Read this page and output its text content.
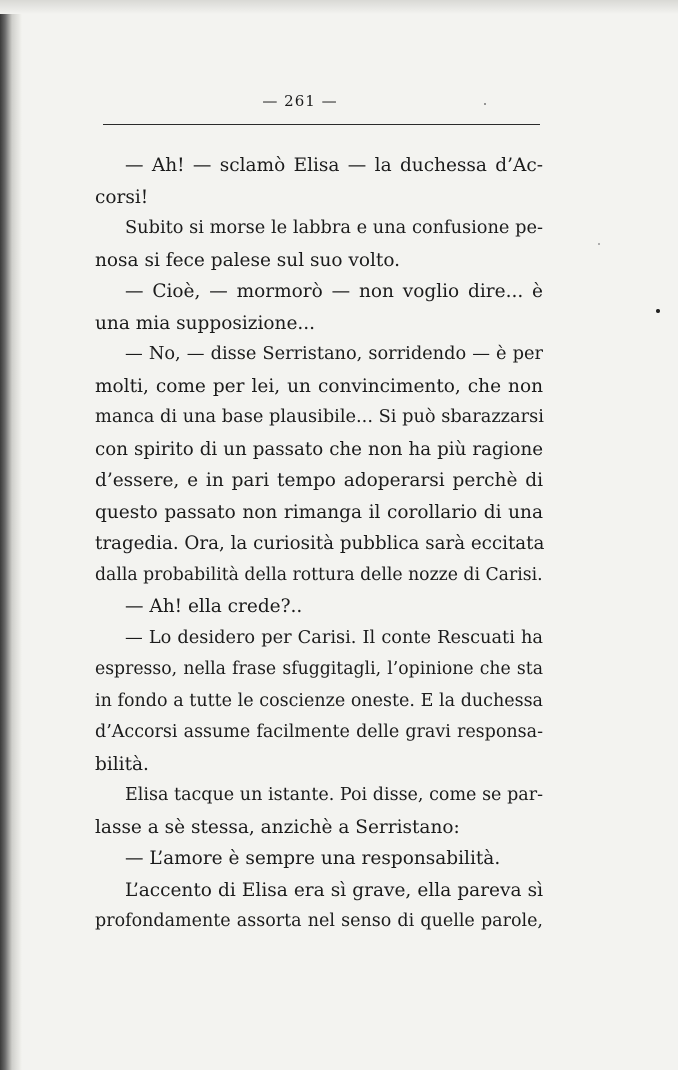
— 261 —
— Ah! — sclamò Elisa — la duchessa d’Ac-
corsi!
Subito si morse le labbra e una confusione pe-
nosa si fece palese sul suo volto.
— Cioè, — mormorò — non voglio dire... è
una mia supposizione...
— No, — disse Serristano, sorridendo — è per
molti, come per lei, un convincimento, che non
manca di una base plausibile... Si può sbarazzarsi
con spirito di un passato che non ha più ragione
d’essere, e in pari tempo adoperarsi perchè di
questo passato non rimanga il corollario di una
tragedia. Ora, la curiosità pubblica sarà eccitata
dalla probabilità della rottura delle nozze di Carisi.
— Ah! ella crede?..
— Lo desidero per Carisi. Il conte Rescuati ha
espresso, nella frase sfuggitagli, l’opinione che sta
in fondo a tutte le coscienze oneste. E la duchessa
d’Accorsi assume facilmente delle gravi responsa-
bilità.
Elisa tacque un istante. Poi disse, come se par-
lasse a sè stessa, anzichè a Serristano:
— L’amore è sempre una responsabilità.
L’accento di Elisa era sì grave, ella pareva sì
profondamente assorta nel senso di quelle parole,
